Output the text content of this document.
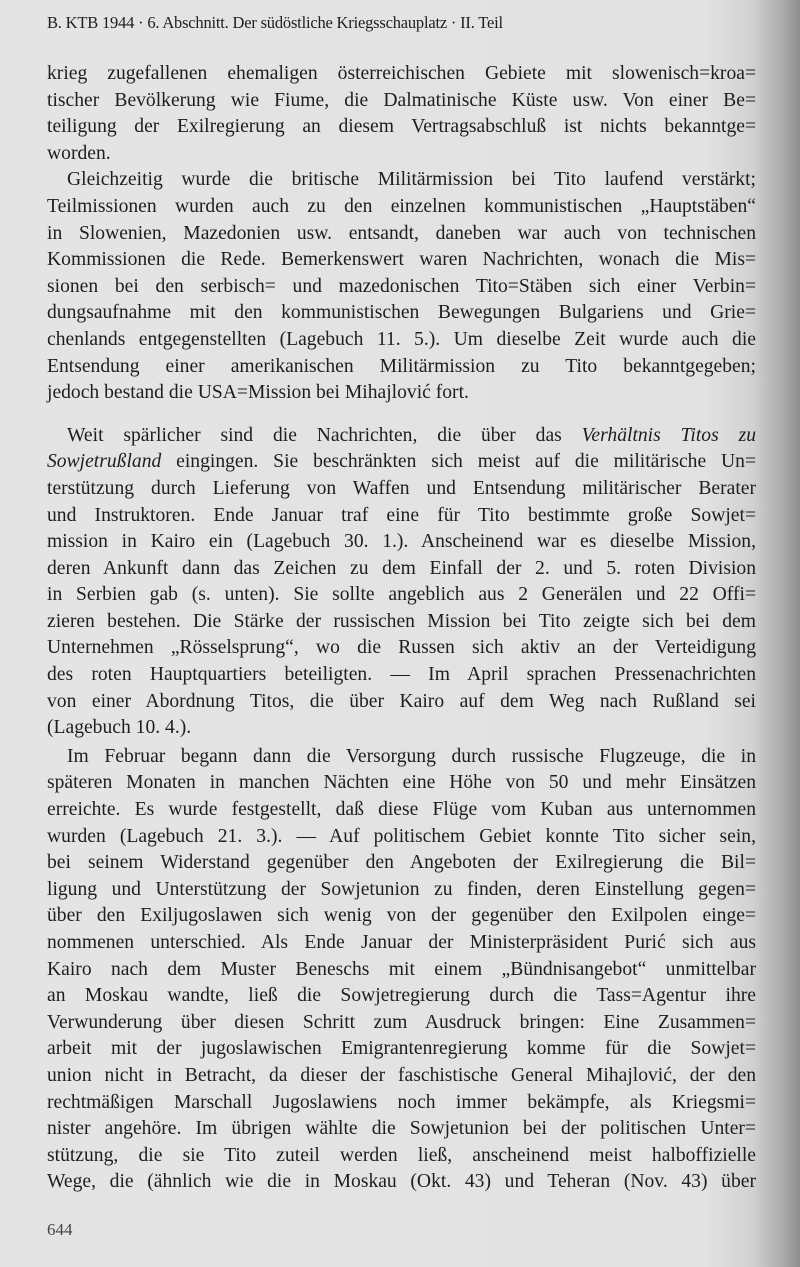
B. KTB 1944 · 6. Abschnitt. Der südöstliche Kriegsschauplatz · II. Teil
krieg zugefallenen ehemaligen österreichischen Gebiete mit slowenisch=kroa=
tischer Bevölkerung wie Fiume, die Dalmatinische Küste usw. Von einer Be=
teiligung der Exilregierung an diesem Vertragsabschluß ist nichts bekanntge=
worden.
Gleichzeitig wurde die britische Militärmission bei Tito laufend verstärkt;
Teilmissionen wurden auch zu den einzelnen kommunistischen „Hauptstäben“
in Slowenien, Mazedonien usw. entsandt, daneben war auch von technischen
Kommissionen die Rede. Bemerkenswert waren Nachrichten, wonach die Mis=
sionen bei den serbisch= und mazedonischen Tito=Stäben sich einer Verbin=
dungsaufnahme mit den kommunistischen Bewegungen Bulgariens und Grie=
chenlands entgegenstellten (Lagebuch 11. 5.). Um dieselbe Zeit wurde auch die
Entsendung einer amerikanischen Militärmission zu Tito bekanntgegeben;
jedoch bestand die USA=Mission bei Mihajlović fort.
Weit spärlicher sind die Nachrichten, die über das Verhältnis Titos zu
Sowjetrußland eingingen. Sie beschränkten sich meist auf die militärische Un=
terstützung durch Lieferung von Waffen und Entsendung militärischer Berater
und Instruktoren. Ende Januar traf eine für Tito bestimmte große Sowjet=
mission in Kairo ein (Lagebuch 30. 1.). Anscheinend war es dieselbe Mission,
deren Ankunft dann das Zeichen zu dem Einfall der 2. und 5. roten Division
in Serbien gab (s. unten). Sie sollte angeblich aus 2 Generälen und 22 Offi=
zieren bestehen. Die Stärke der russischen Mission bei Tito zeigte sich bei dem
Unternehmen „Rösselsprung“, wo die Russen sich aktiv an der Verteidigung
des roten Hauptquartiers beteiligten. — Im April sprachen Pressenachrichten
von einer Abordnung Titos, die über Kairo auf dem Weg nach Rußland sei
(Lagebuch 10. 4.).
Im Februar begann dann die Versorgung durch russische Flugzeuge, die in
späteren Monaten in manchen Nächten eine Höhe von 50 und mehr Einsätzen
erreichte. Es wurde festgestellt, daß diese Flüge vom Kuban aus unternommen
wurden (Lagebuch 21. 3.). — Auf politischem Gebiet konnte Tito sicher sein,
bei seinem Widerstand gegenüber den Angeboten der Exilregierung die Bil=
ligung und Unterstützung der Sowjetunion zu finden, deren Einstellung gegen=
über den Exiljugoslawen sich wenig von der gegenüber den Exilpolen einge=
nommenen unterschied. Als Ende Januar der Ministerpräsident Purić sich aus
Kairo nach dem Muster Beneschs mit einem „Bündnisangebot“ unmittelbar
an Moskau wandte, ließ die Sowjetregierung durch die Tass=Agentur ihre
Verwunderung über diesen Schritt zum Ausdruck bringen: Eine Zusammen=
arbeit mit der jugoslawischen Emigrantenregierung komme für die Sowjet=
union nicht in Betracht, da dieser der faschistische General Mihajlović, der den
rechtmäßigen Marschall Jugoslawiens noch immer bekämpfe, als Kriegsmi=
nister angehöre. Im übrigen wählte die Sowjetunion bei der politischen Unter=
stützung, die sie Tito zuteil werden ließ, anscheinend meist halboffizielle
Wege, die (ähnlich wie die in Moskau (Okt. 43) und Teheran (Nov. 43) über
644
